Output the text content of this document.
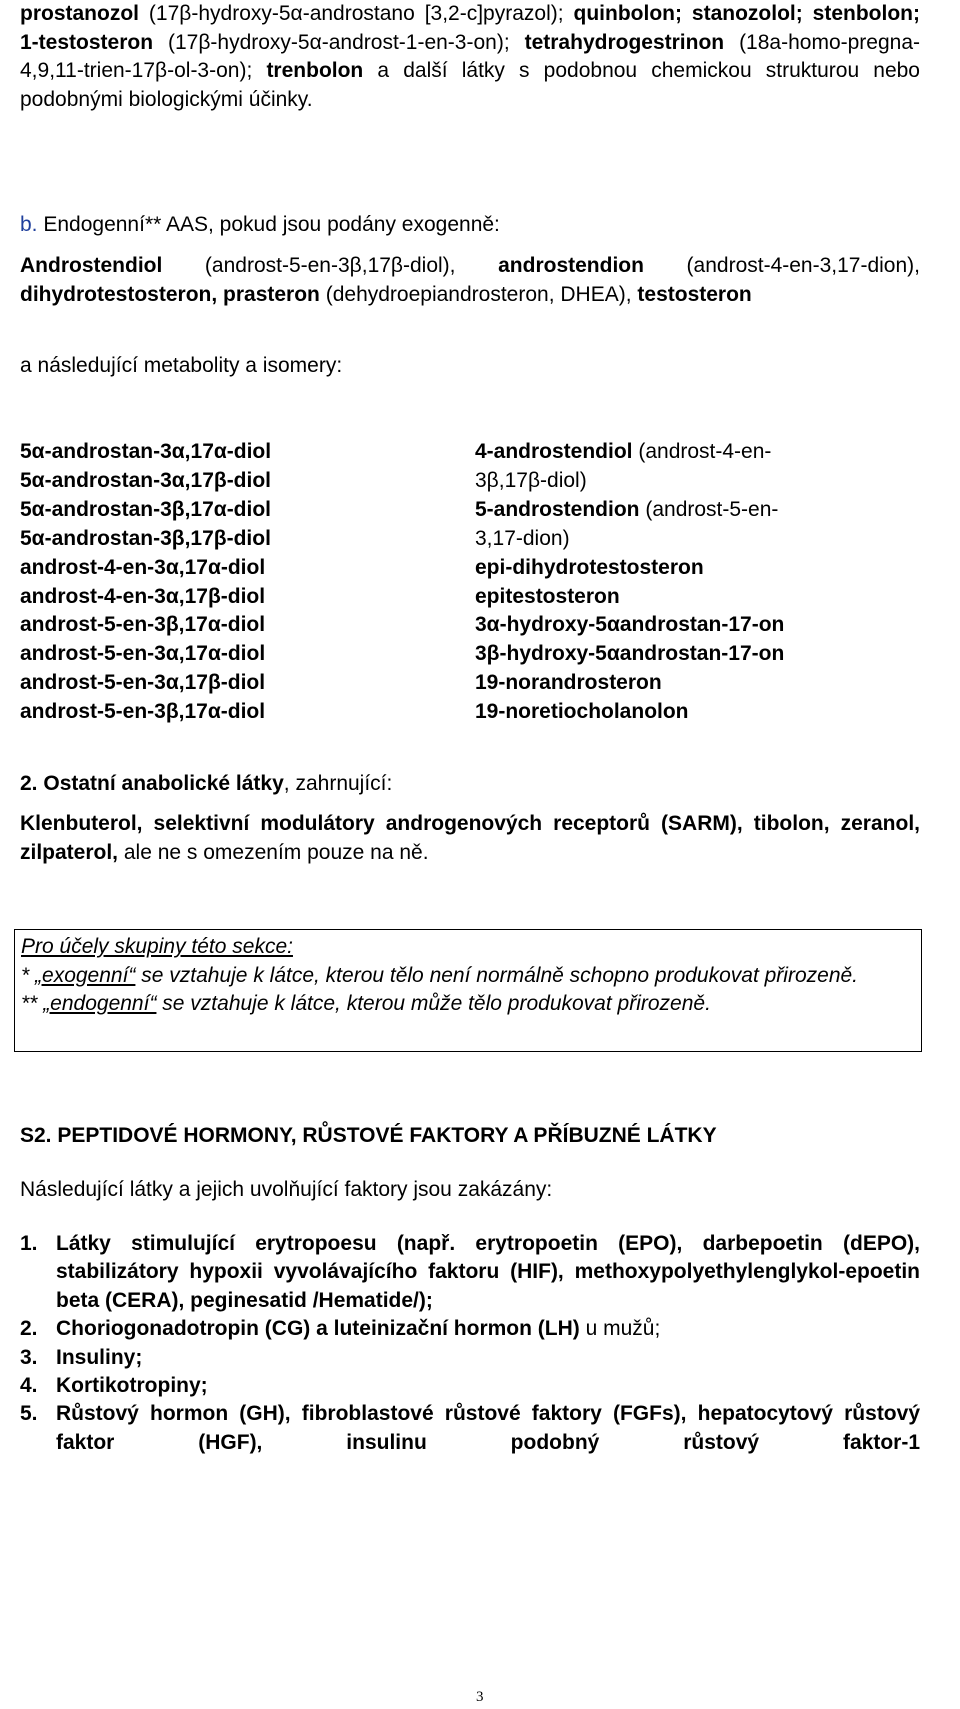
prostanozol (17β-hydroxy-5α-androstano [3,2-c]pyrazol); quinbolon; stanozolol; stenbolon; 1-testosteron (17β-hydroxy-5α-androst-1-en-3-on); tetrahydrogestrinon (18a-homo-pregna-4,9,11-trien-17β-ol-3-on); trenbolon a další látky s podobnou chemickou strukturou nebo podobnými biologickými účinky.

b. Endogenní** AAS, pokud jsou podány exogenně:

Androstendiol (androst-5-en-3β,17β-diol), androstendion (androst-4-en-3,17-dion), dihydrotestosteron, prasteron (dehydroepiandrosteron, DHEA), testosteron

a následující metabolity a isomery:

5α-androstan-3α,17α-diol
5α-androstan-3α,17β-diol
5α-androstan-3β,17α-diol
5α-androstan-3β,17β-diol
androst-4-en-3α,17α-diol
androst-4-en-3α,17β-diol
androst-5-en-3β,17α-diol
androst-5-en-3α,17α-diol
androst-5-en-3α,17β-diol
androst-5-en-3β,17α-diol
4-androstendiol (androst-4-en-
3β,17β-diol)
5-androstendion (androst-5-en-
3,17-dion)
epi-dihydrotestosteron
epitestosteron
3α-hydroxy-5αandrostan-17-on
3β-hydroxy-5αandrostan-17-on
19-norandrosteron
19-noretiocholanolon

2. Ostatní anabolické látky, zahrnující:

Klenbuterol, selektivní modulátory androgenových receptorů (SARM), tibolon, zeranol, zilpaterol, ale ne s omezením pouze na ně.

Pro účely skupiny této sekce:

* „exogenní“ se vztahuje k látce, kterou tělo není normálně schopno produkovat přirozeně.

** „endogenní“ se vztahuje k látce, kterou může tělo produkovat přirozeně.

S2. PEPTIDOVÉ HORMONY, RŮSTOVÉ FAKTORY A PŘÍBUZNÉ LÁTKY

Následující látky a jejich uvolňující faktory jsou zakázány:

1. Látky stimulující erytropoesu (např. erytropoetin (EPO), darbepoetin (dEPO), stabilizátory hypoxii vyvolávajícího faktoru (HIF), methoxypolyethylenglykol-epoetin beta (CERA), peginesatid /Hematide/);
2. Choriogonadotropin (CG) a luteinizační hormon (LH) u mužů;
3. Insuliny;
4. Kortikotropiny;
5. Růstový hormon (GH), fibroblastové růstové faktory (FGFs), hepatocytový růstový faktor (HGF), insulinu podobný růstový faktor-1
3
